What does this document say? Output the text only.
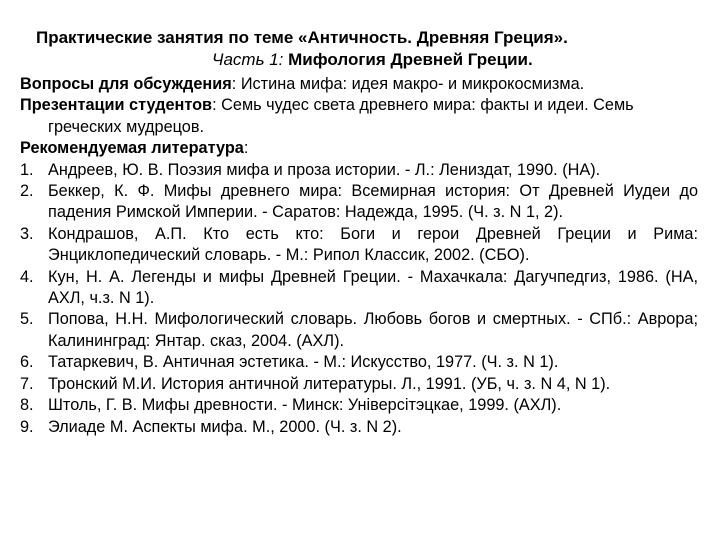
Практические занятия по теме «Античность. Древняя Греция».
Часть 1: Мифология Древней Греции.

Вопросы для обсуждения: Истина мифа: идея макро- и микрокосмизма.

Презентации студентов: Семь чудес света древнего мира: факты и идеи. Семь греческих мудрецов.

Рекомендуемая литература:

1. Андреев, Ю. В. Поэзия мифа и проза истории. - Л.: Лениздат, 1990. (НА).
2. Беккер, К. Ф. Мифы древнего мира: Всемирная история: От Древней Иудеи до падения Римской Империи. - Саратов: Надежда, 1995. (Ч. з. N 1, 2).
3. Кондрашов, А.П. Кто есть кто: Боги и герои Древней Греции и Рима: Энциклопедический словарь. - М.: Рипол Классик, 2002. (СБО).
4. Кун, Н. А. Легенды и мифы Древней Греции. - Махачкала: Дагучпедгиз, 1986. (НА, АХЛ, ч.з. N 1).
5. Попова, Н.Н. Мифологический словарь. Любовь богов и смертных. - СПб.: Аврора; Калининград: Янтар. сказ, 2004. (АХЛ).
6. Татаркевич, В. Античная эстетика. - М.: Искусство, 1977. (Ч. з. N 1).
7. Тронский М.И. История античной литературы. Л., 1991. (УБ, ч. з. N 4, N 1).
8. Штоль, Г. В. Мифы древности. - Минск: Унiверсiтэцкае, 1999. (АХЛ).
9. Элиаде М. Аспекты мифа. М., 2000. (Ч. з. N 2).
